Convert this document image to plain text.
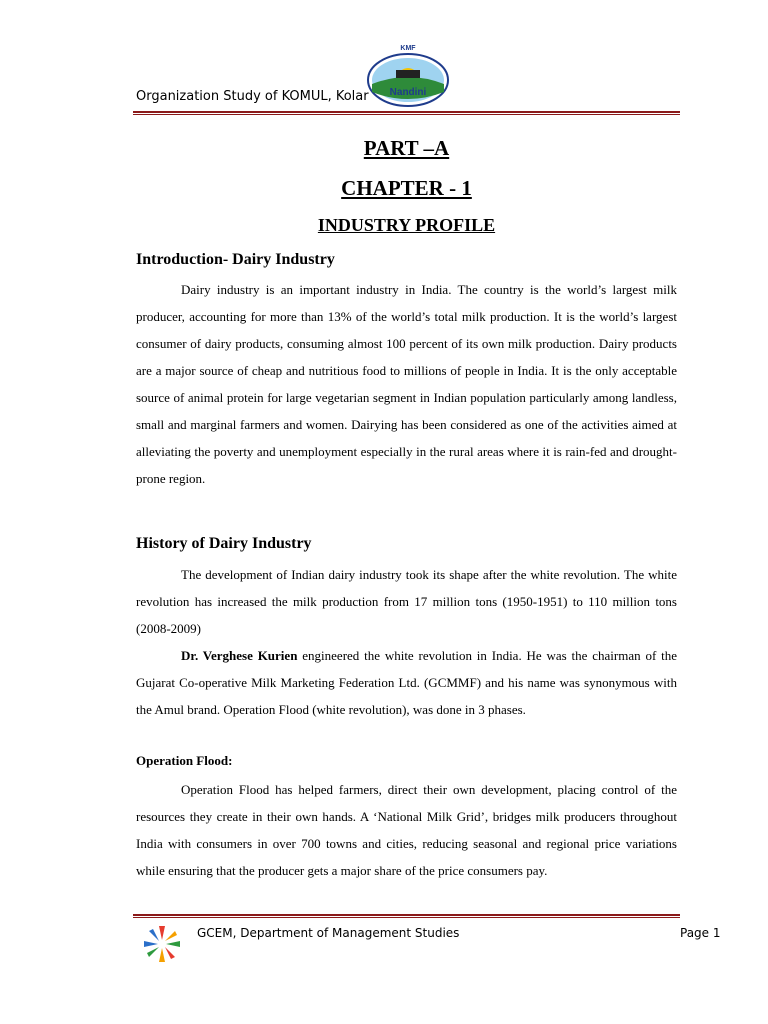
Organization Study of KOMUL, Kolar
KMF
Nandini
PART –A
CHAPTER - 1
INDUSTRY PROFILE
Introduction- Dairy Industry

Dairy industry is an important industry in India. The country is the world’s largest milk producer, accounting for more than 13% of the world’s total milk production. It is the world’s largest consumer of dairy products, consuming almost 100 percent of its own milk production. Dairy products are a major source of cheap and nutritious food to millions of people in India. It is the only acceptable source of animal protein for large vegetarian segment in Indian population particularly among landless, small and marginal farmers and women. Dairying has been considered as one of the activities aimed at alleviating the poverty and unemployment especially in the rural areas where it is rain-fed and drought-prone region.

History of Dairy Industry

The development of Indian dairy industry took its shape after the white revolution. The white revolution has increased the milk production from 17 million tons (1950-1951) to 110 million tons (2008-2009)

Dr. Verghese Kurien engineered the white revolution in India. He was the chairman of the Gujarat Co-operative Milk Marketing Federation Ltd. (GCMMF) and his name was synonymous with the Amul brand. Operation Flood (white revolution), was done in 3 phases.

Operation Flood:

Operation Flood has helped farmers, direct their own development, placing control of the resources they create in their own hands. A ‘National Milk Grid’, bridges milk producers throughout India with consumers in over 700 towns and cities, reducing seasonal and regional price variations while ensuring that the producer gets a major share of the price consumers pay.

GCEM, Department of Management Studies	Page 1
